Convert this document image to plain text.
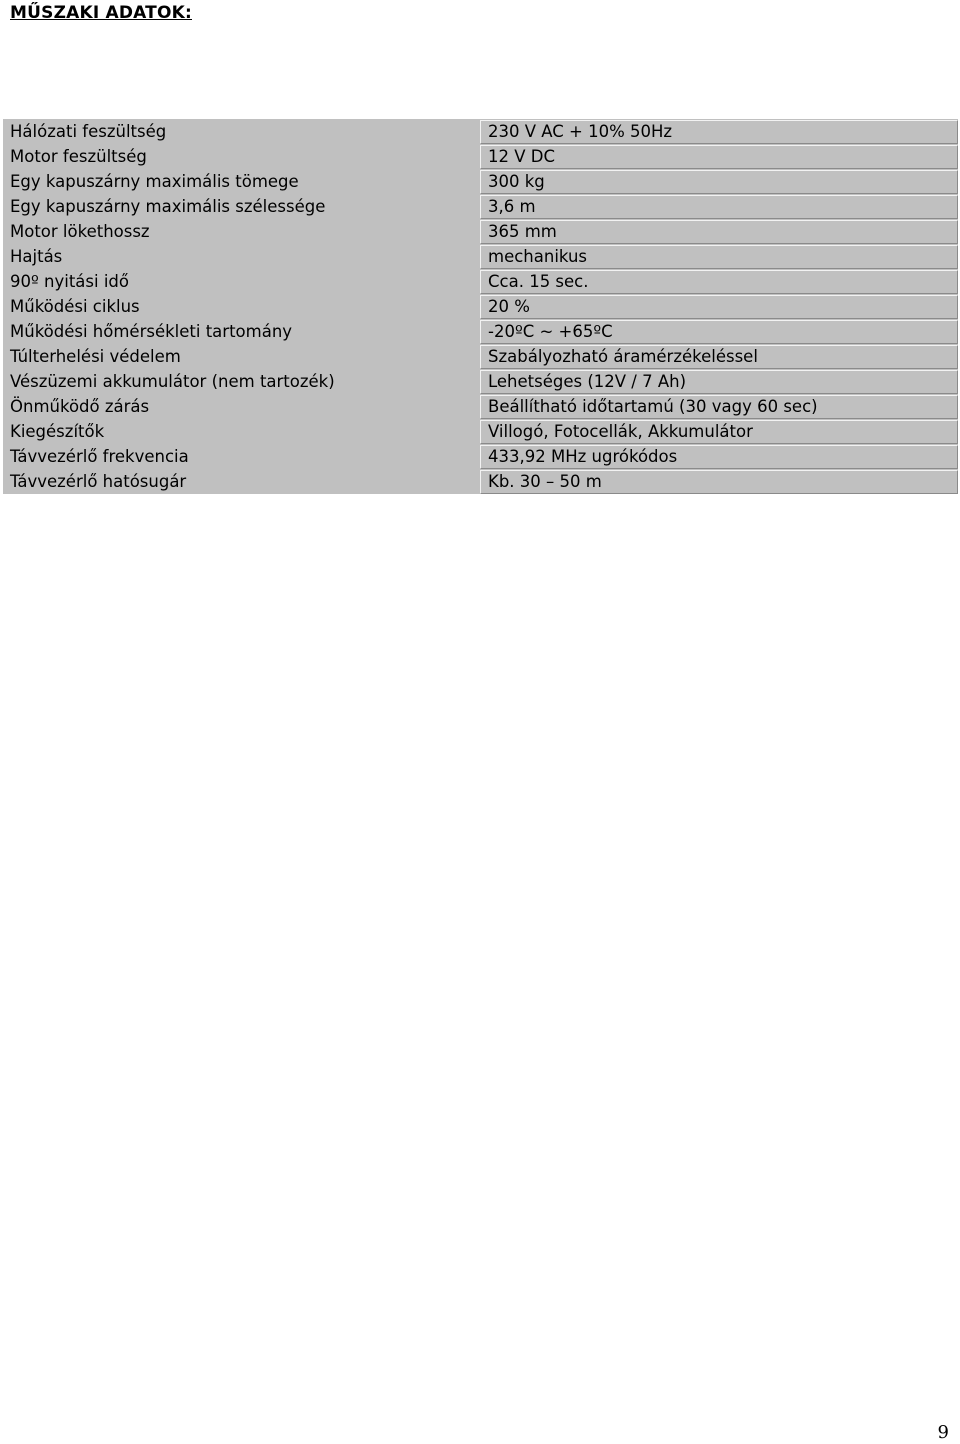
MŰSZAKI ADATOK:
Hálózati feszültség	230 V AC + 10% 50Hz
Motor feszültség	12 V DC
Egy kapuszárny maximális tömege	300 kg
Egy kapuszárny maximális szélessége	3,6 m
Motor lökethossz	365 mm
Hajtás	mechanikus
90º nyitási idő	Cca. 15 sec.
Működési ciklus	20 %
Működési hőmérsékleti tartomány	-20ºC ~ +65ºC
Túlterhelési védelem	Szabályozható áramérzékeléssel
Vészüzemi akkumulátor (nem tartozék)	Lehetséges (12V / 7 Ah)
Önműködő zárás	Beállítható időtartamú (30 vagy 60 sec)
Kiegészítők	Villogó, Fotocellák, Akkumulátor
Távvezérlő frekvencia	433,92 MHz ugrókódos
Távvezérlő hatósugár	Kb. 30 – 50 m
9
